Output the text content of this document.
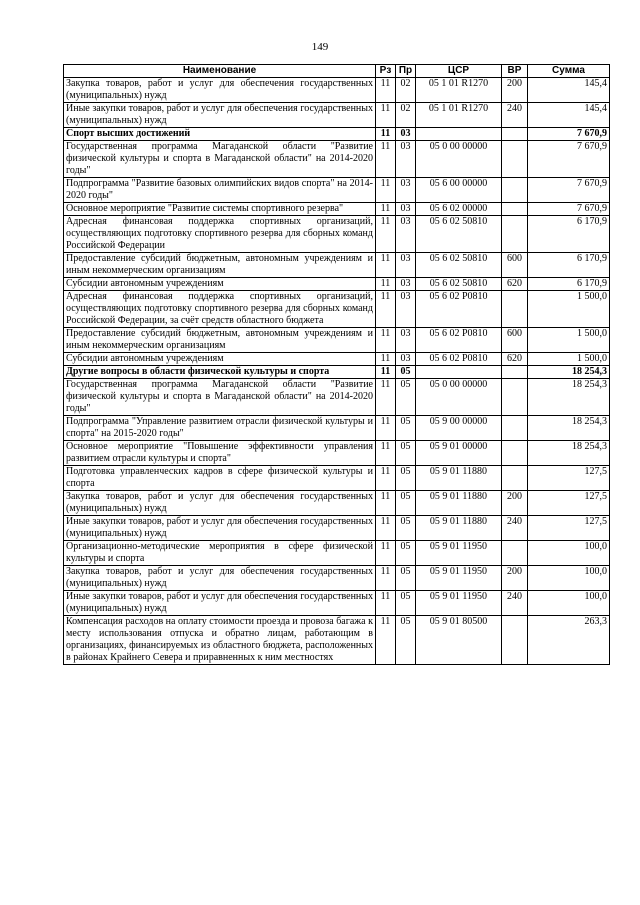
149
Наименование	Рз	Пр	ЦСР	ВР	Сумма
Закупка товаров, работ и услуг для обеспечения государственных (муниципальных) нужд	11	02	05 1 01 R1270	200	145,4
Иные закупки товаров, работ и услуг для обеспечения государственных (муниципальных) нужд	11	02	05 1 01 R1270	240	145,4
Спорт высших достижений	11	03			7 670,9
Государственная программа Магаданской области "Развитие физической культуры и спорта в Магаданской области" на 2014-2020 годы"	11	03	05 0 00 00000		7 670,9
Подпрограмма "Развитие базовых олимпийских видов спорта" на 2014-2020 годы"	11	03	05 6 00 00000		7 670,9
Основное мероприятие "Развитие системы спортивного резерва"	11	03	05 6 02 00000		7 670,9
Адресная финансовая поддержка спортивных организаций, осуществляющих подготовку спортивного резерва для сборных команд Российской Федерации	11	03	05 6 02 50810		6 170,9
Предоставление субсидий бюджетным, автономным учреждениям и иным некоммерческим организациям	11	03	05 6 02 50810	600	6 170,9
Субсидии автономным учреждениям	11	03	05 6 02 50810	620	6 170,9
Адресная финансовая поддержка спортивных организаций, осуществляющих подготовку спортивного резерва для сборных команд Российской Федерации, за счёт средств областного бюджета	11	03	05 6 02 P0810		1 500,0
Предоставление субсидий бюджетным, автономным учреждениям и иным некоммерческим организациям	11	03	05 6 02 P0810	600	1 500,0
Субсидии автономным учреждениям	11	03	05 6 02 P0810	620	1 500,0
Другие вопросы в области физической культуры и спорта	11	05			18 254,3
Государственная программа Магаданской области "Развитие физической культуры и спорта в Магаданской области" на 2014-2020 годы"	11	05	05 0 00 00000		18 254,3
Подпрограмма "Управление развитием отрасли физической культуры и спорта" на 2015-2020 годы"	11	05	05 9 00 00000		18 254,3
Основное мероприятие "Повышение эффективности управления развитием отрасли культуры и спорта"	11	05	05 9 01 00000		18 254,3
Подготовка управленческих кадров в сфере физической культуры и спорта	11	05	05 9 01 11880		127,5
Закупка товаров, работ и услуг для обеспечения государственных (муниципальных) нужд	11	05	05 9 01 11880	200	127,5
Иные закупки товаров, работ и услуг для обеспечения государственных (муниципальных) нужд	11	05	05 9 01 11880	240	127,5
Организационно-методические мероприятия в сфере физической культуры и спорта	11	05	05 9 01 11950		100,0
Закупка товаров, работ и услуг для обеспечения государственных (муниципальных) нужд	11	05	05 9 01 11950	200	100,0
Иные закупки товаров, работ и услуг для обеспечения государственных (муниципальных) нужд	11	05	05 9 01 11950	240	100,0
Компенсация расходов на оплату стоимости проезда и провоза багажа к месту использования отпуска и обратно лицам, работающим в организациях, финансируемых из областного бюджета, расположенных в районах Крайнего Севера и приравненных к ним местностях	11	05	05 9 01 80500		263,3
